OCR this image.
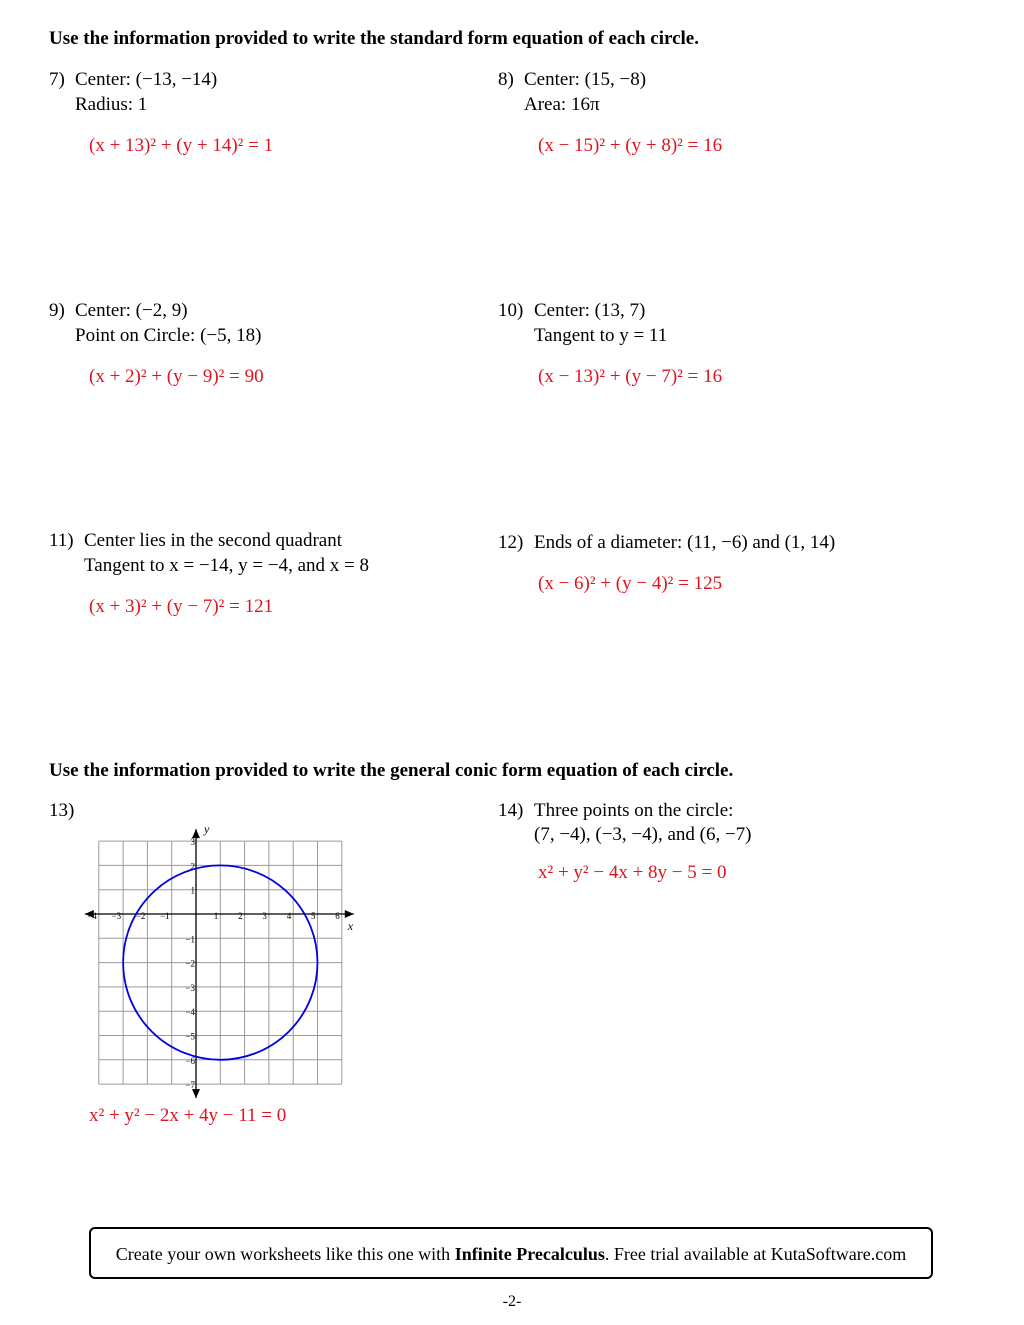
Use the information provided to write the standard form equation of each circle.
7) Center: (−13, −14)
Radius: 1
(x + 13)² + (y + 14)² = 1
8) Center: (15, −8)
Area: 16π
(x − 15)² + (y + 8)² = 16
9) Center: (−2, 9)
Point on Circle: (−5, 18)
(x + 2)² + (y − 9)² = 90
10) Center: (13, 7)
Tangent to y = 11
(x − 13)² + (y − 7)² = 16
11) Center lies in the second quadrant
Tangent to x = −14, y = −4, and x = 8
(x + 3)² + (y − 7)² = 121
12) Ends of a diameter: (11, −6) and (1, 14)
(x − 6)² + (y − 4)² = 125
Use the information provided to write the general conic form equation of each circle.
13)
−4 −3 −2 −1	1 2 3 4 5 6
3
2
1
−1
−2
−3
−4
−5
−6
−7
x
y
x² + y² − 2x + 4y − 11 = 0
14) Three points on the circle:
(7, −4), (−3, −4), and (6, −7)
x² + y² − 4x + 8y − 5 = 0
Create your own worksheets like this one with Infinite Precalculus. Free trial available at KutaSoftware.com
-2-
